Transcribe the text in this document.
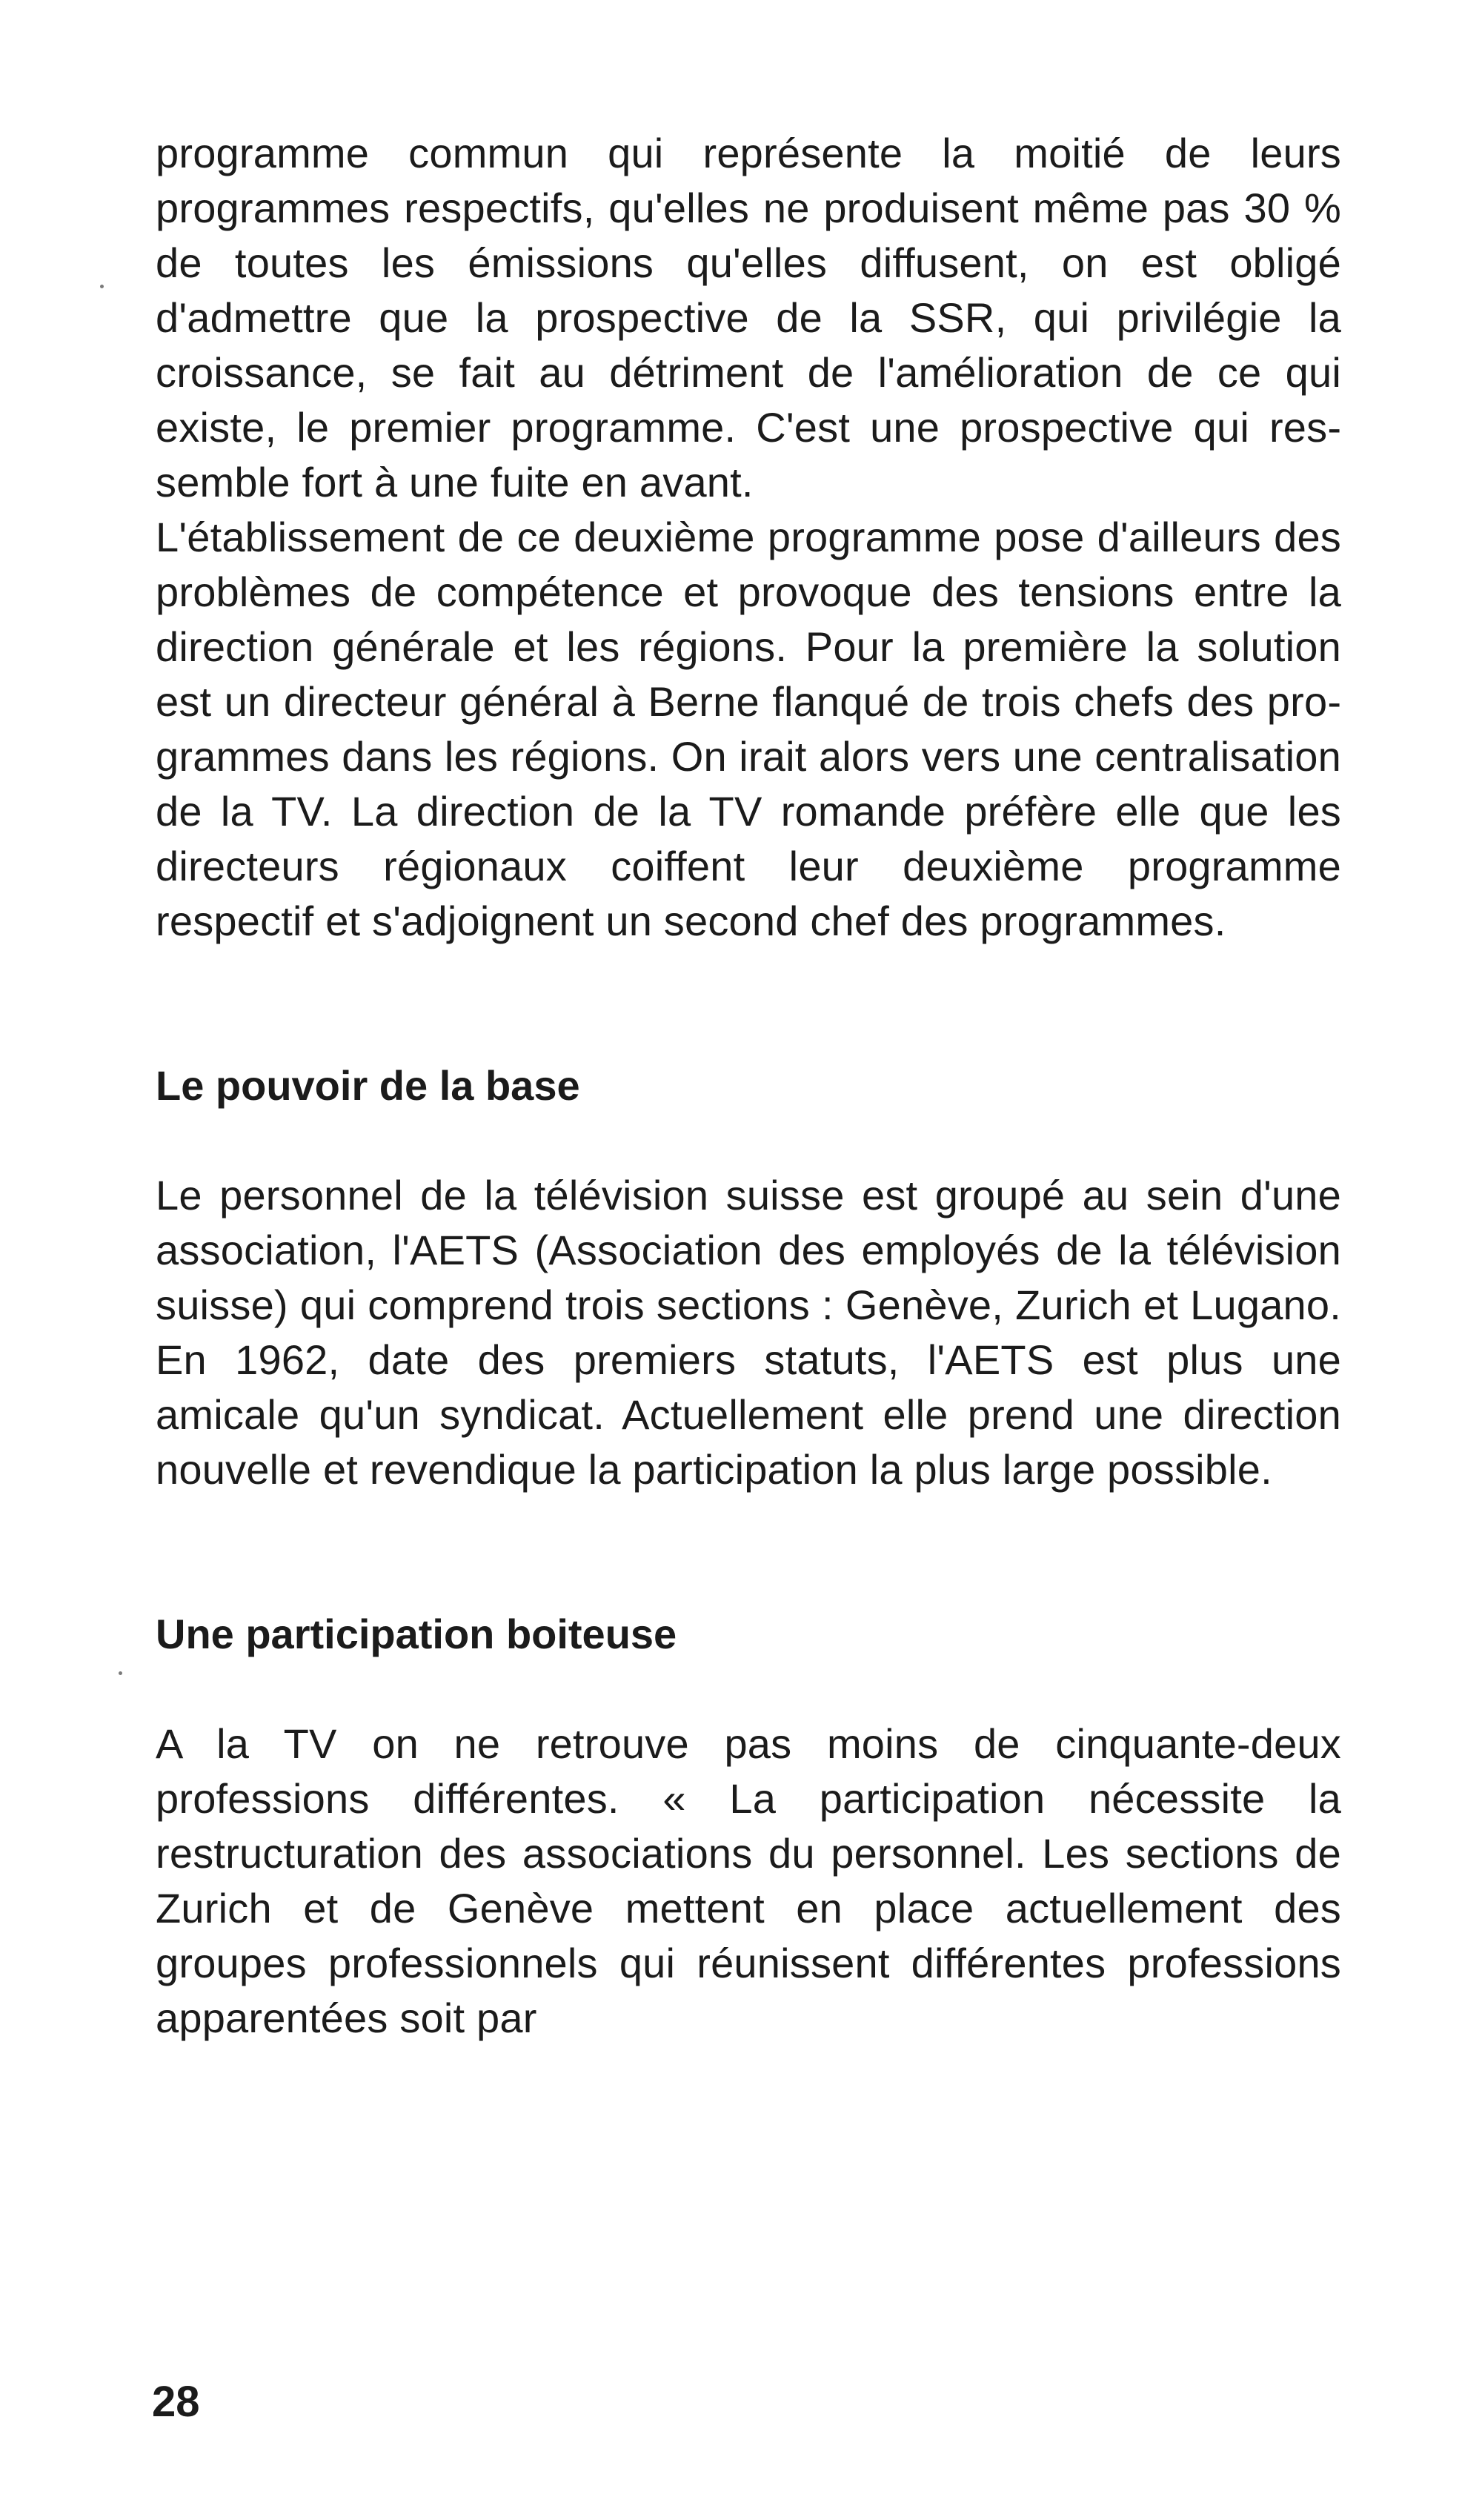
programme commun qui représente la moitié de leurs programmes respectifs, qu'elles ne produisent même pas 30 % de toutes les émissions qu'elles diffusent, on est obligé d'admettre que la prospective de la SSR, qui privilégie la croissance, se fait au détriment de l'amélioration de ce qui existe, le premier programme. C'est une prospective qui ressemble fort à une fuite en avant.

L'établissement de ce deuxième programme pose d'ailleurs des problèmes de compétence et provoque des tensions entre la direction générale et les régions. Pour la première la solution est un directeur général à Berne flanqué de trois chefs des programmes dans les régions. On irait alors vers une centralisation de la TV. La direction de la TV romande préfère elle que les directeurs régionaux coiffent leur deuxième programme respectif et s'adjoignent un second chef des programmes.

Le pouvoir de la base

Le personnel de la télévision suisse est groupé au sein d'une association, l'AETS (Association des employés de la télévision suisse) qui comprend trois sections : Genève, Zurich et Lugano. En 1962, date des premiers statuts, l'AETS est plus une amicale qu'un syndicat. Actuellement elle prend une direction nouvelle et revendique la participation la plus large possible.

Une participation boiteuse

A la TV on ne retrouve pas moins de cinquante-deux professions différentes. « La participation nécessite la restructuration des associations du personnel. Les sections de Zurich et de Genève mettent en place actuellement des groupes professionnels qui réunissent différentes professions apparentées soit par

28
